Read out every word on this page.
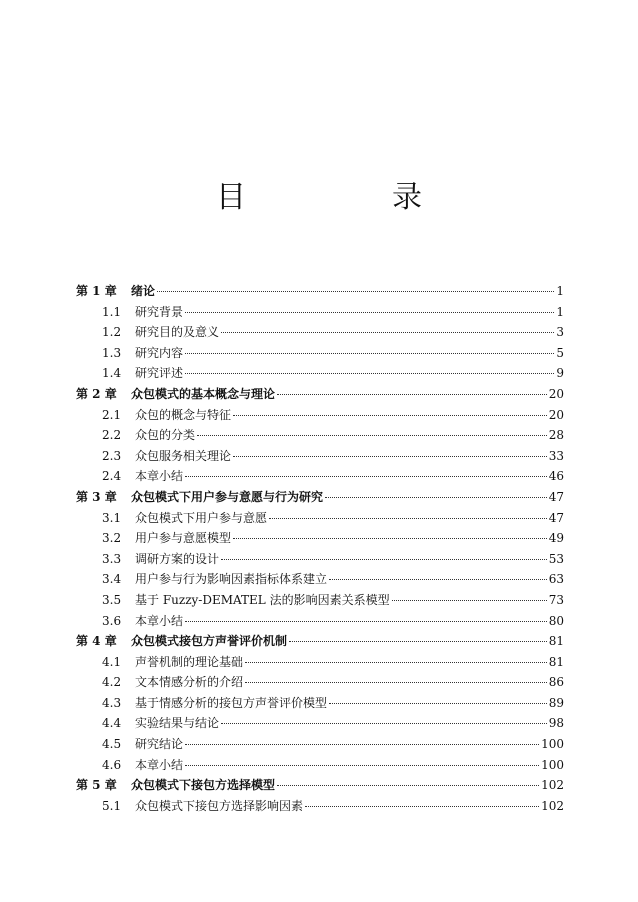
目　录
第 1 章	绪论	1
1.1	研究背景	1
1.2	研究目的及意义	3
1.3	研究内容	5
1.4	研究评述	9
第 2 章	众包模式的基本概念与理论	20
2.1	众包的概念与特征	20
2.2	众包的分类	28
2.3	众包服务相关理论	33
2.4	本章小结	46
第 3 章	众包模式下用户参与意愿与行为研究	47
3.1	众包模式下用户参与意愿	47
3.2	用户参与意愿模型	49
3.3	调研方案的设计	53
3.4	用户参与行为影响因素指标体系建立	63
3.5	基于 Fuzzy-DEMATEL 法的影响因素关系模型	73
3.6	本章小结	80
第 4 章	众包模式接包方声誉评价机制	81
4.1	声誉机制的理论基础	81
4.2	文本情感分析的介绍	86
4.3	基于情感分析的接包方声誉评价模型	89
4.4	实验结果与结论	98
4.5	研究结论	100
4.6	本章小结	100
第 5 章	众包模式下接包方选择模型	102
5.1	众包模式下接包方选择影响因素	102
